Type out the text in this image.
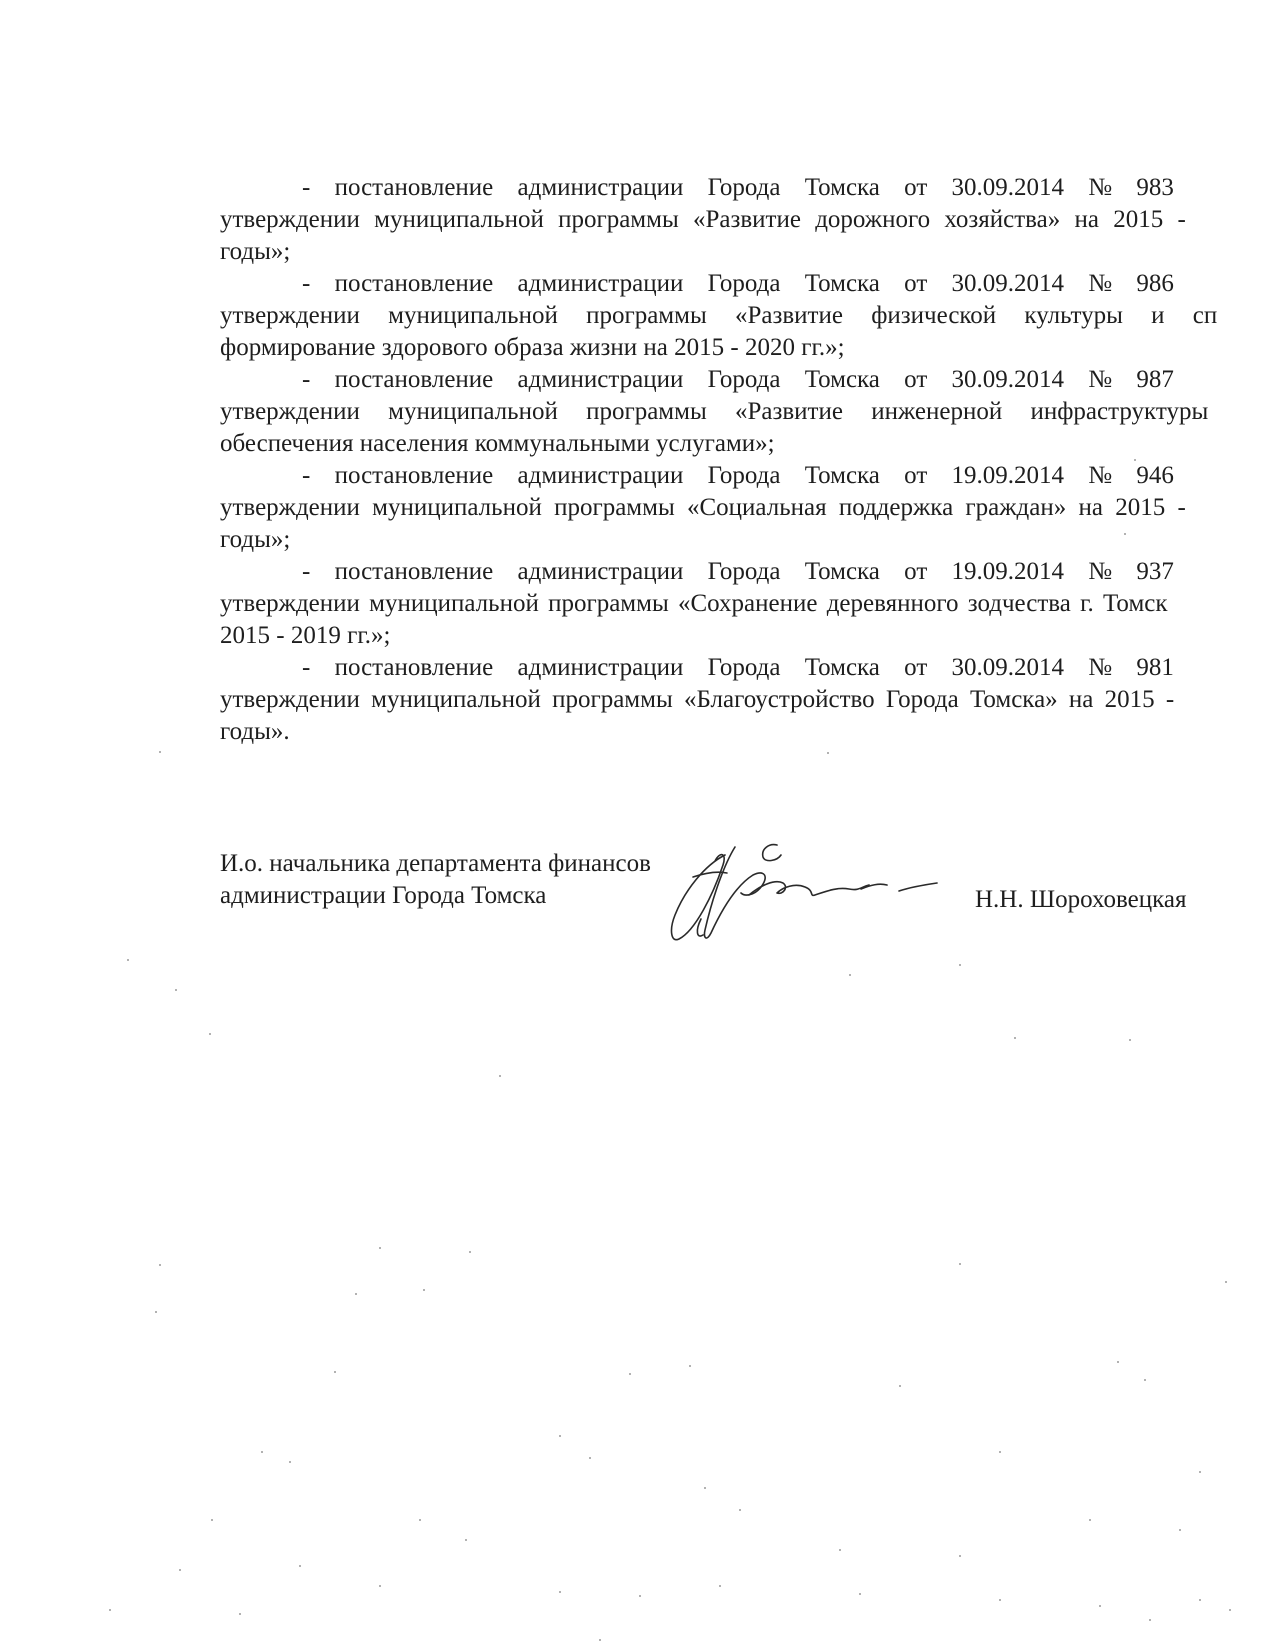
- постановление администрации Города Томска от 30.09.2014 № 983
утверждении муниципальной программы «Развитие дорожного хозяйства» на 2015 -
годы»;
- постановление администрации Города Томска от 30.09.2014 № 986
утверждении муниципальной программы «Развитие физической культуры и сп
формирование здорового образа жизни на 2015 - 2020 гг.»;
- постановление администрации Города Томска от 30.09.2014 № 987
утверждении муниципальной программы «Развитие инженерной инфраструктуры
обеспечения населения коммунальными услугами»;
- постановление администрации Города Томска от 19.09.2014 № 946
утверждении муниципальной программы «Социальная поддержка граждан» на 2015 -
годы»;
- постановление администрации Города Томска от 19.09.2014 № 937
утверждении муниципальной программы «Сохранение деревянного зодчества г. Томск
2015 - 2019 гг.»;
- постановление администрации Города Томска от 30.09.2014 № 981
утверждении муниципальной программы «Благоустройство Города Томска» на 2015 -
годы».
И.о. начальника департамента финансов
администрации Города Томска	Н.Н. Шороховецкая
